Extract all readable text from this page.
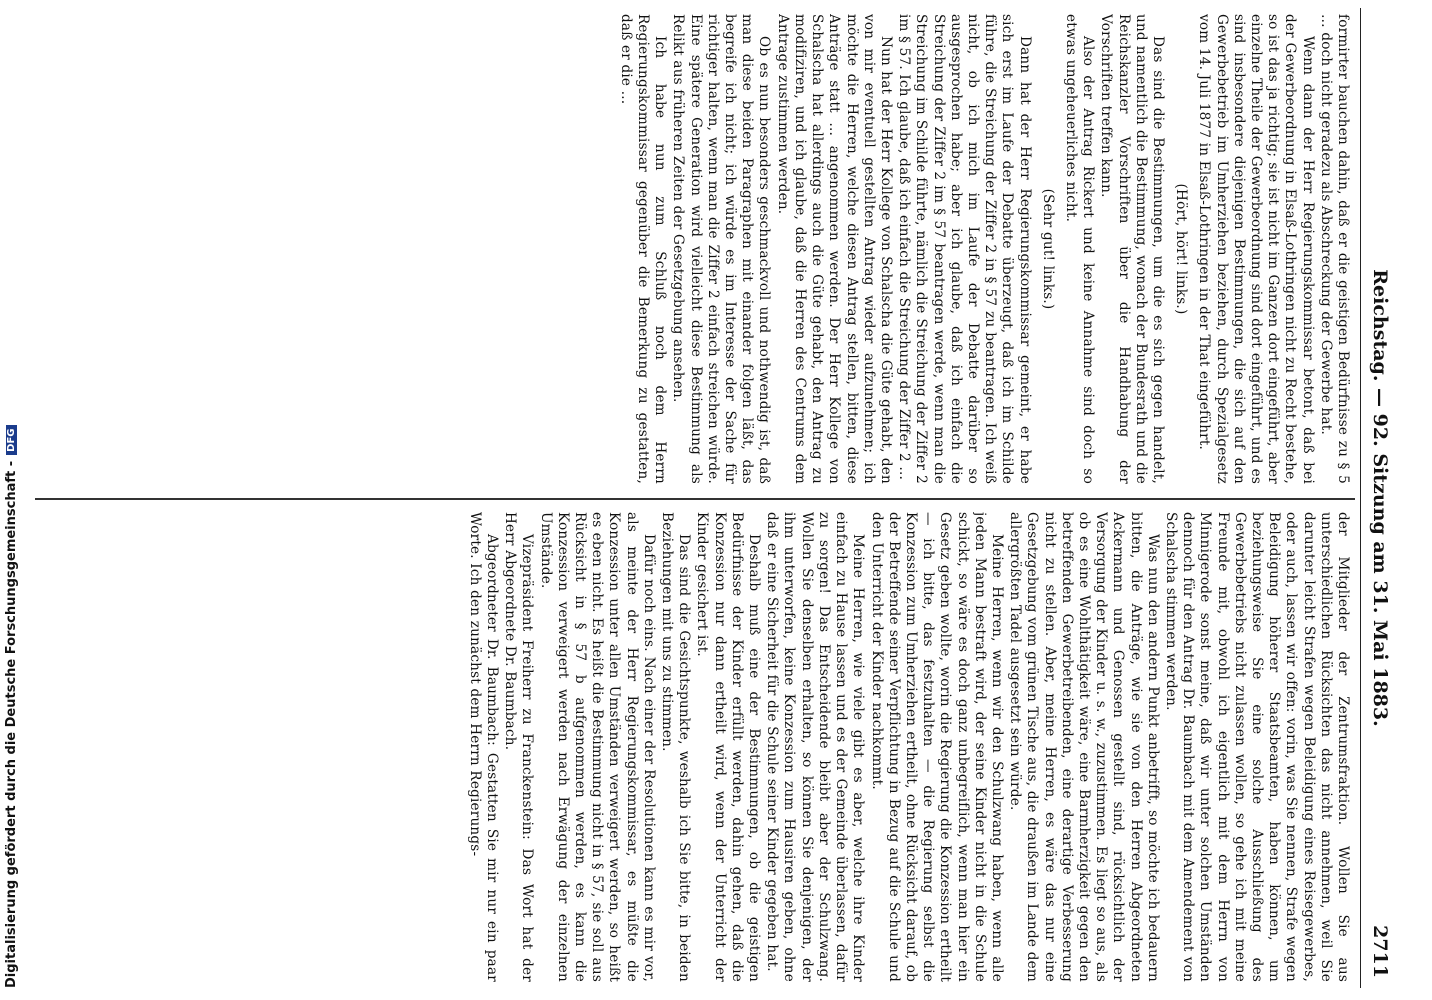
Reichstag. — 92. Sitzung am 31. Mai 1883.
2711

formirter bauchen dahin, daß er die geistigen Bedürfnisse zu § 5 … doch nicht geradezu als Abschreckung der Gewerbe hat.

Wenn dann der Herr Regierungskommissar betont, daß bei der Gewerbeordnung in Elsaß-Lothringen nicht zu Recht bestehe, so ist das ja richtig; sie ist nicht im Ganzen dort eingeführt, aber einzelne Theile der Gewerbeordnung sind dort eingeführt, und es sind insbesondere diejenigen Bestimmungen, die sich auf den Gewerbebetrieb im Umherziehen beziehen, durch Spezialgesetz vom 14. Juli 1877 in Elsaß-Lothringen in der That eingeführt.

(Hört, hört! links.)

Das sind die Bestimmungen, um die es sich gegen handelt, und namentlich die Bestimmung, wonach der Bundesrath und die Reichskanzler Vorschriften über die Handhabung der Vorschriften treffen kann.

Also der Antrag Rickert und keine Annahme sind doch so etwas ungeheuerliches nicht.

(Sehr gut! links.)

Dann hat der Herr Regierungskommissar gemeint, er habe sich erst im Laufe der Debatte überzeugt, daß ich im Schilde führe, die Streichung der Ziffer 2 in § 57 zu beantragen. Ich weiß nicht, ob ich mich im Laufe der Debatte darüber so ausgesprochen habe; aber ich glaube, daß ich einfach die Streichung der Ziffer 2 im § 57 beantragen werde, wenn man die Streichung im Schilde führte, nämlich die Streichung der Ziffer 2 im § 57. Ich glaube, daß ich einfach die Streichung der Ziffer 2 …

Nun hat der Herr Kollege von Schalscha die Güte gehabt, den von mir eventuell gestellten Antrag wieder aufzunehmen; ich möchte die Herren, welche diesen Antrag stellen, bitten, diese Anträge statt … angenommen werden. Der Herr Kollege von Schalscha hat allerdings auch die Güte gehabt, den Antrag zu modifiziren, und ich glaube, daß die Herren des Centrums dem Antrage zustimmen werden.

Ob es nun besonders geschmackvoll und nothwendig ist, daß man diese beiden Paragraphen mit einander folgen läßt, das begreife ich nicht; ich würde es im Interesse der Sache für richtiger halten, wenn man die Ziffer 2 einfach streichen würde. Eine spätere Generation wird vielleicht diese Bestimmung als Relikt aus früheren Zeiten der Gesetzgebung ansehen.

Ich habe nun zum Schluß noch dem Herrn Regierungskommissar gegenüber die Bemerkung zu gestatten, daß er die …

der Mitglieder der Zentrumsfraktion. Wollen Sie aus unterschiedlichen Rücksichten das nicht annehmen, weil Sie darunter leicht Strafen wegen Beleidigung eines Reisegewerbes, oder auch, lassen wir offen: vorin, was Sie nennen, Strafe wegen Beleidigung höherer Staatsbeamten, haben können, um beziehungsweise Sie eine solche Ausschließung des Gewerbebetriebs nicht zulassen wollen, so gehe ich mit meine Freunde mit, obwohl ich eigentlich mit dem Herrn von Minnigerode sonst meine, daß wir unter solchen Umständen dennoch für den Antrag Dr. Baumbach mit dem Amendement von Schalscha stimmen werden.

Was nun den andern Punkt anbetrifft, so möchte ich bedauern bitten, die Anträge, wie sie von den Herren Abgeordneten Ackermann und Genossen gestellt sind, rücksichtlich der Versorgung der Kinder u. s. w., zuzustimmen. Es liegt so aus, als ob es eine Wohlthätigkeit wäre, eine Barmherzigkeit gegen den betreffenden Gewerbetreibenden, eine derartige Verbesserung nicht zu stellen. Aber, meine Herren, es wäre das nur eine Gesetzgebung vom grünen Tische aus, die draußen im Lande dem allergrößten Tadel ausgesetzt sein würde.

Meine Herren, wenn wir den Schulzwang haben, wenn alle jeden Mann bestraft wird, der seine Kinder nicht in die Schule schickt, so wäre es doch ganz unbegreiflich, wenn man hier ein Gesetz geben wollte, worin die Regierung die Konzession ertheilt — ich bitte, das festzuhalten — die Regierung selbst die Konzession zum Umherziehen ertheilt, ohne Rücksicht darauf, ob der Betreffende seiner Verpflichtung in Bezug auf die Schule und den Unterricht der Kinder nachkommt.

Meine Herren, wie viele gibt es aber, welche ihre Kinder einfach zu Hause lassen und es der Gemeinde überlassen, dafür zu sorgen! Das Entscheidende bleibt aber der Schulzwang. Wollen Sie denselben erhalten, so können Sie denjenigen, der ihm unterworfen, keine Konzession zum Hausiren geben, ohne daß er eine Sicherheit für die Schule seiner Kinder gegeben hat.

Deshalb muß eine der Bestimmungen, ob die geistigen Bedürfnisse der Kinder erfüllt werden, dahin gehen, daß die Konzession nur dann ertheilt wird, wenn der Unterricht der Kinder gesichert ist.

Das sind die Gesichtspunkte, weshalb ich Sie bitte, in beiden Beziehungen mit uns zu stimmen.

Dafür noch eins. Nach einer der Resolutionen kann es mir vor, als meinte der Herr Regierungskommissar, es müßte die Konzession unter allen Umständen verweigert werden, so heißt es eben nicht. Es heißt die Bestimmung nicht in § 57, sie soll aus Rücksicht in § 57 b aufgenommen werden, es kann die Konzession verweigert werden nach Erwägung der einzelnen Umstände.

Vizepräsident Freiherr zu Franckenstein: Das Wort hat der Herr Abgeordnete Dr. Baumbach.

Abgeordneter Dr. Baumbach: Gestatten Sie mir nur ein paar Worte. Ich den zunächst dem Herrn Regierungs-

Digitalisierung gefördert durch die Deutsche Forschungsgemeinschaft -DFG
